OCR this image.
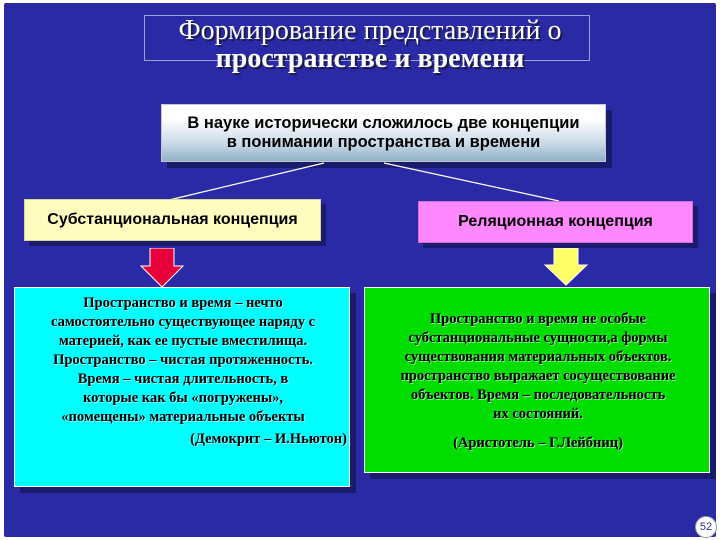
Формирование представлений о
пространстве и времени
В науке исторически сложилось две концепции
в понимании пространства и времени
Субстанциональная концепция	Реляционная концепция
Пространство и время – нечто
самостоятельно существующее наряду с
материей, как ее пустые вместилища.
Пространство – чистая протяженность.
Время – чистая длительность, в
которые как бы «погружены»,
«помещены» материальные объекты
(Демокрит – И.Ньютон)
Пространство и время не особые
субстанциональные сущности,а формы
существования материальных объектов.
пространство выражает сосуществование
объектов. Время – последовательность
их состояний.
(Аристотель – Г.Лейбниц)
52
